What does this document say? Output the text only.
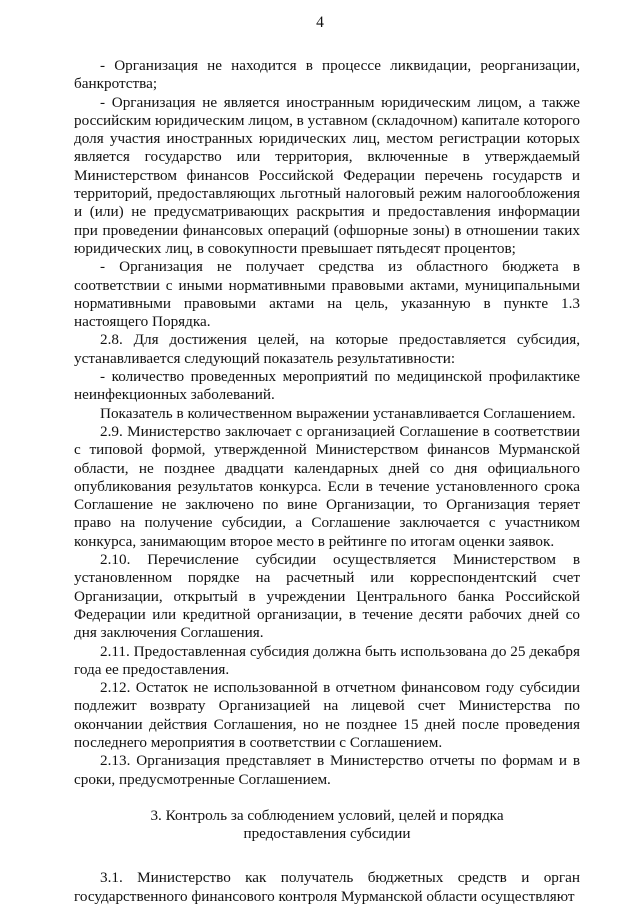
4

- Организация не находится в процессе ликвидации, реорганизации, банкротства;

- Организация не является иностранным юридическим лицом, а также российским юридическим лицом, в уставном (складочном) капитале которого доля участия иностранных юридических лиц, местом регистрации которых является государство или территория, включенные в утверждаемый Министерством финансов Российской Федерации перечень государств и территорий, предоставляющих льготный налоговый режим налогообложения и (или) не предусматривающих раскрытия и предоставления информации при проведении финансовых операций (офшорные зоны) в отношении таких юридических лиц, в совокупности превышает пятьдесят процентов;

- Организация не получает средства из областного бюджета в соответствии с иными нормативными правовыми актами, муниципальными нормативными правовыми актами на цель, указанную в пункте 1.3 настоящего Порядка.

2.8. Для достижения целей, на которые предоставляется субсидия, устанавливается следующий показатель результативности:

- количество проведенных мероприятий по медицинской профилактике неинфекционных заболеваний.

Показатель в количественном выражении устанавливается Соглашением.

2.9. Министерство заключает с организацией Соглашение в соответствии с типовой формой, утвержденной Министерством финансов Мурманской области, не позднее двадцати календарных дней со дня официального опубликования результатов конкурса. Если в течение установленного срока Соглашение не заключено по вине Организации, то Организация теряет право на получение субсидии, а Соглашение заключается с участником конкурса, занимающим второе место в рейтинге по итогам оценки заявок.

2.10. Перечисление субсидии осуществляется Министерством в установленном порядке на расчетный или корреспондентский счет Организации, открытый в учреждении Центрального банка Российской Федерации или кредитной организации, в течение десяти рабочих дней со дня заключения Соглашения.

2.11. Предоставленная субсидия должна быть использована до 25 декабря года ее предоставления.

2.12. Остаток не использованной в отчетном финансовом году субсидии подлежит возврату Организацией на лицевой счет Министерства по окончании действия Соглашения, но не позднее 15 дней после проведения последнего мероприятия в соответствии с Соглашением.

2.13. Организация представляет в Министерство отчеты по формам и в сроки, предусмотренные Соглашением.

3. Контроль за соблюдением условий, целей и порядка
предоставления субсидии

3.1. Министерство как получатель бюджетных средств и орган государственного финансового контроля Мурманской области осуществляют
